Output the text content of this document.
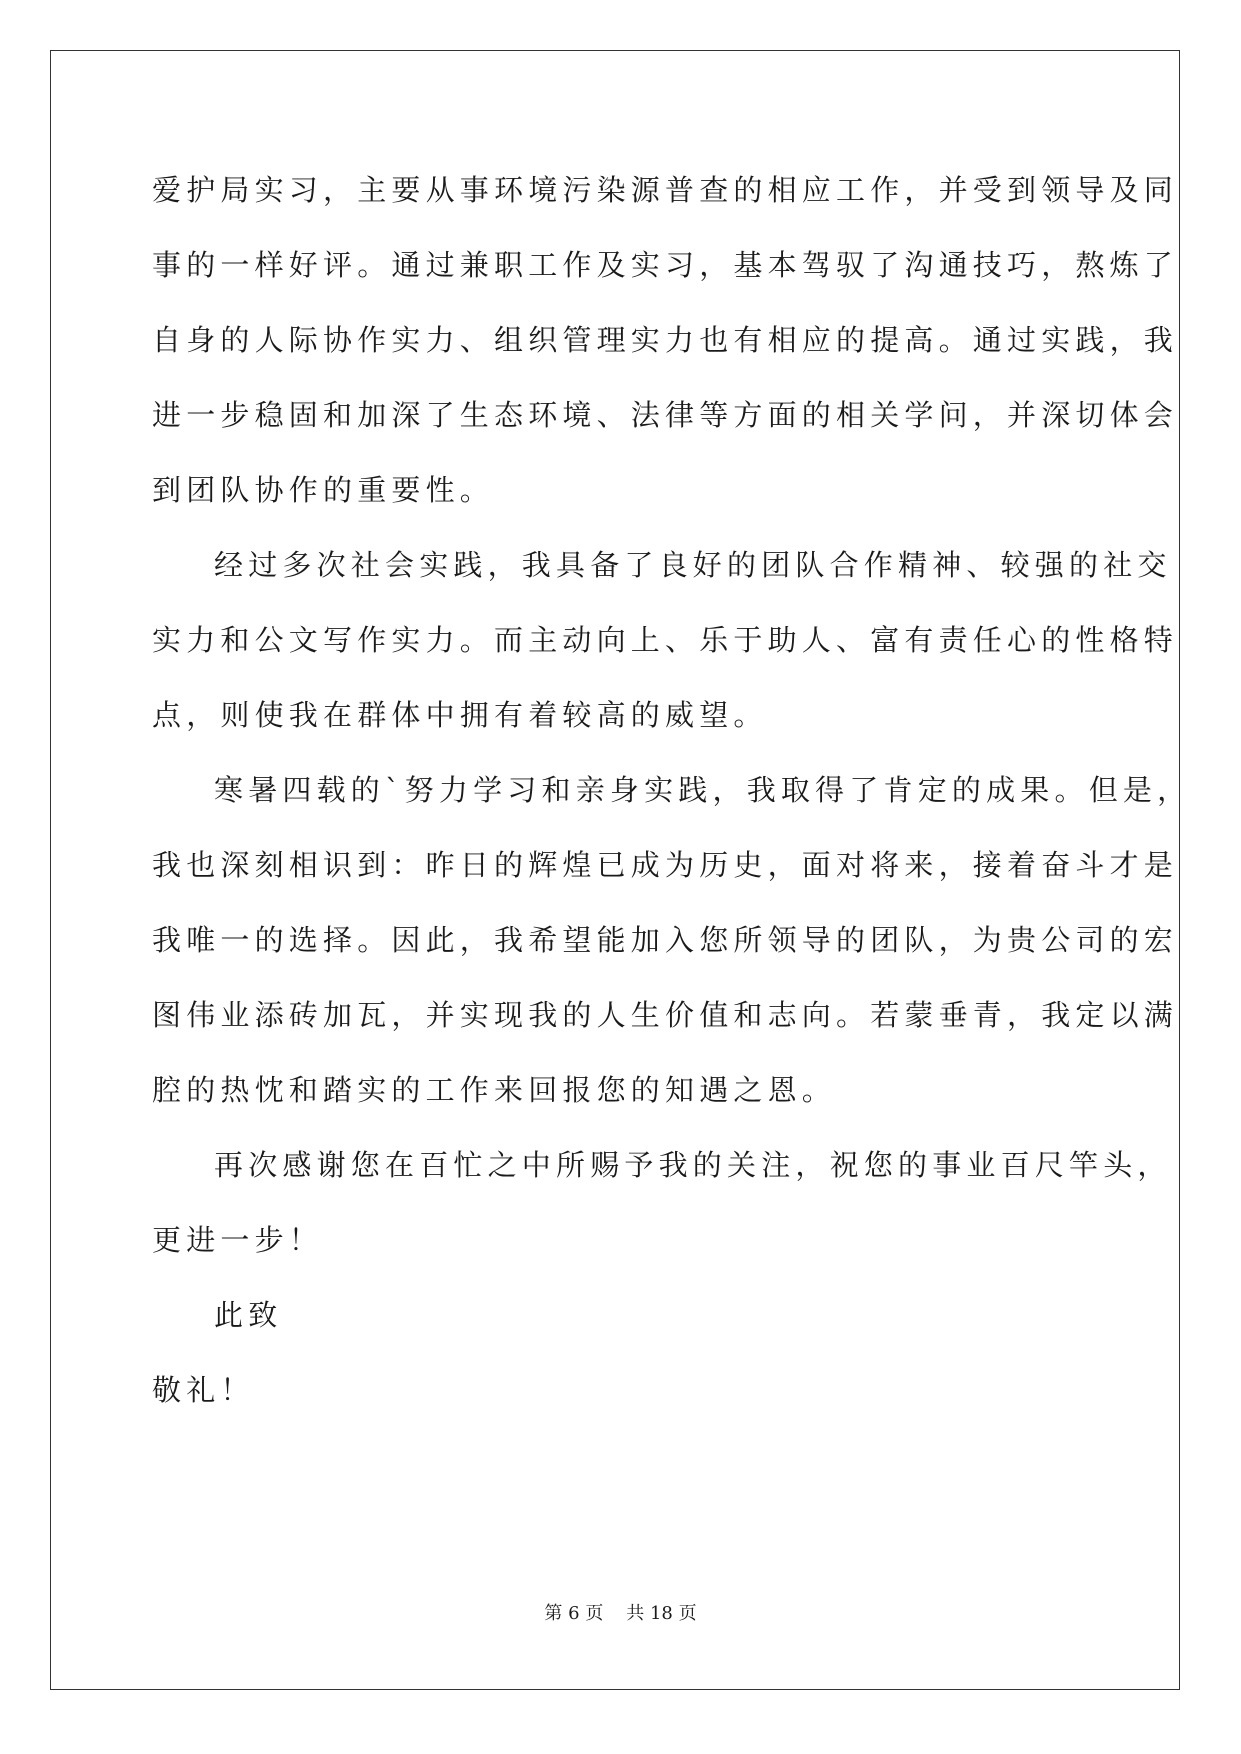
爱护局实习，主要从事环境污染源普查的相应工作，并受到领导及同
事的一样好评。通过兼职工作及实习，基本驾驭了沟通技巧，熬炼了
自身的人际协作实力、组织管理实力也有相应的提高。通过实践，我
进一步稳固和加深了生态环境、法律等方面的相关学问，并深切体会
到团队协作的重要性。
经过多次社会实践，我具备了良好的团队合作精神、较强的社交
实力和公文写作实力。而主动向上、乐于助人、富有责任心的性格特
点，则使我在群体中拥有着较高的威望。
寒暑四载的`努力学习和亲身实践，我取得了肯定的成果。但是，
我也深刻相识到：昨日的辉煌已成为历史，面对将来，接着奋斗才是
我唯一的选择。因此，我希望能加入您所领导的团队，为贵公司的宏
图伟业添砖加瓦，并实现我的人生价值和志向。若蒙垂青，我定以满
腔的热忱和踏实的工作来回报您的知遇之恩。
再次感谢您在百忙之中所赐予我的关注，祝您的事业百尺竿头，
更进一步！
此致
敬礼！
第 6 页 共 18 页
